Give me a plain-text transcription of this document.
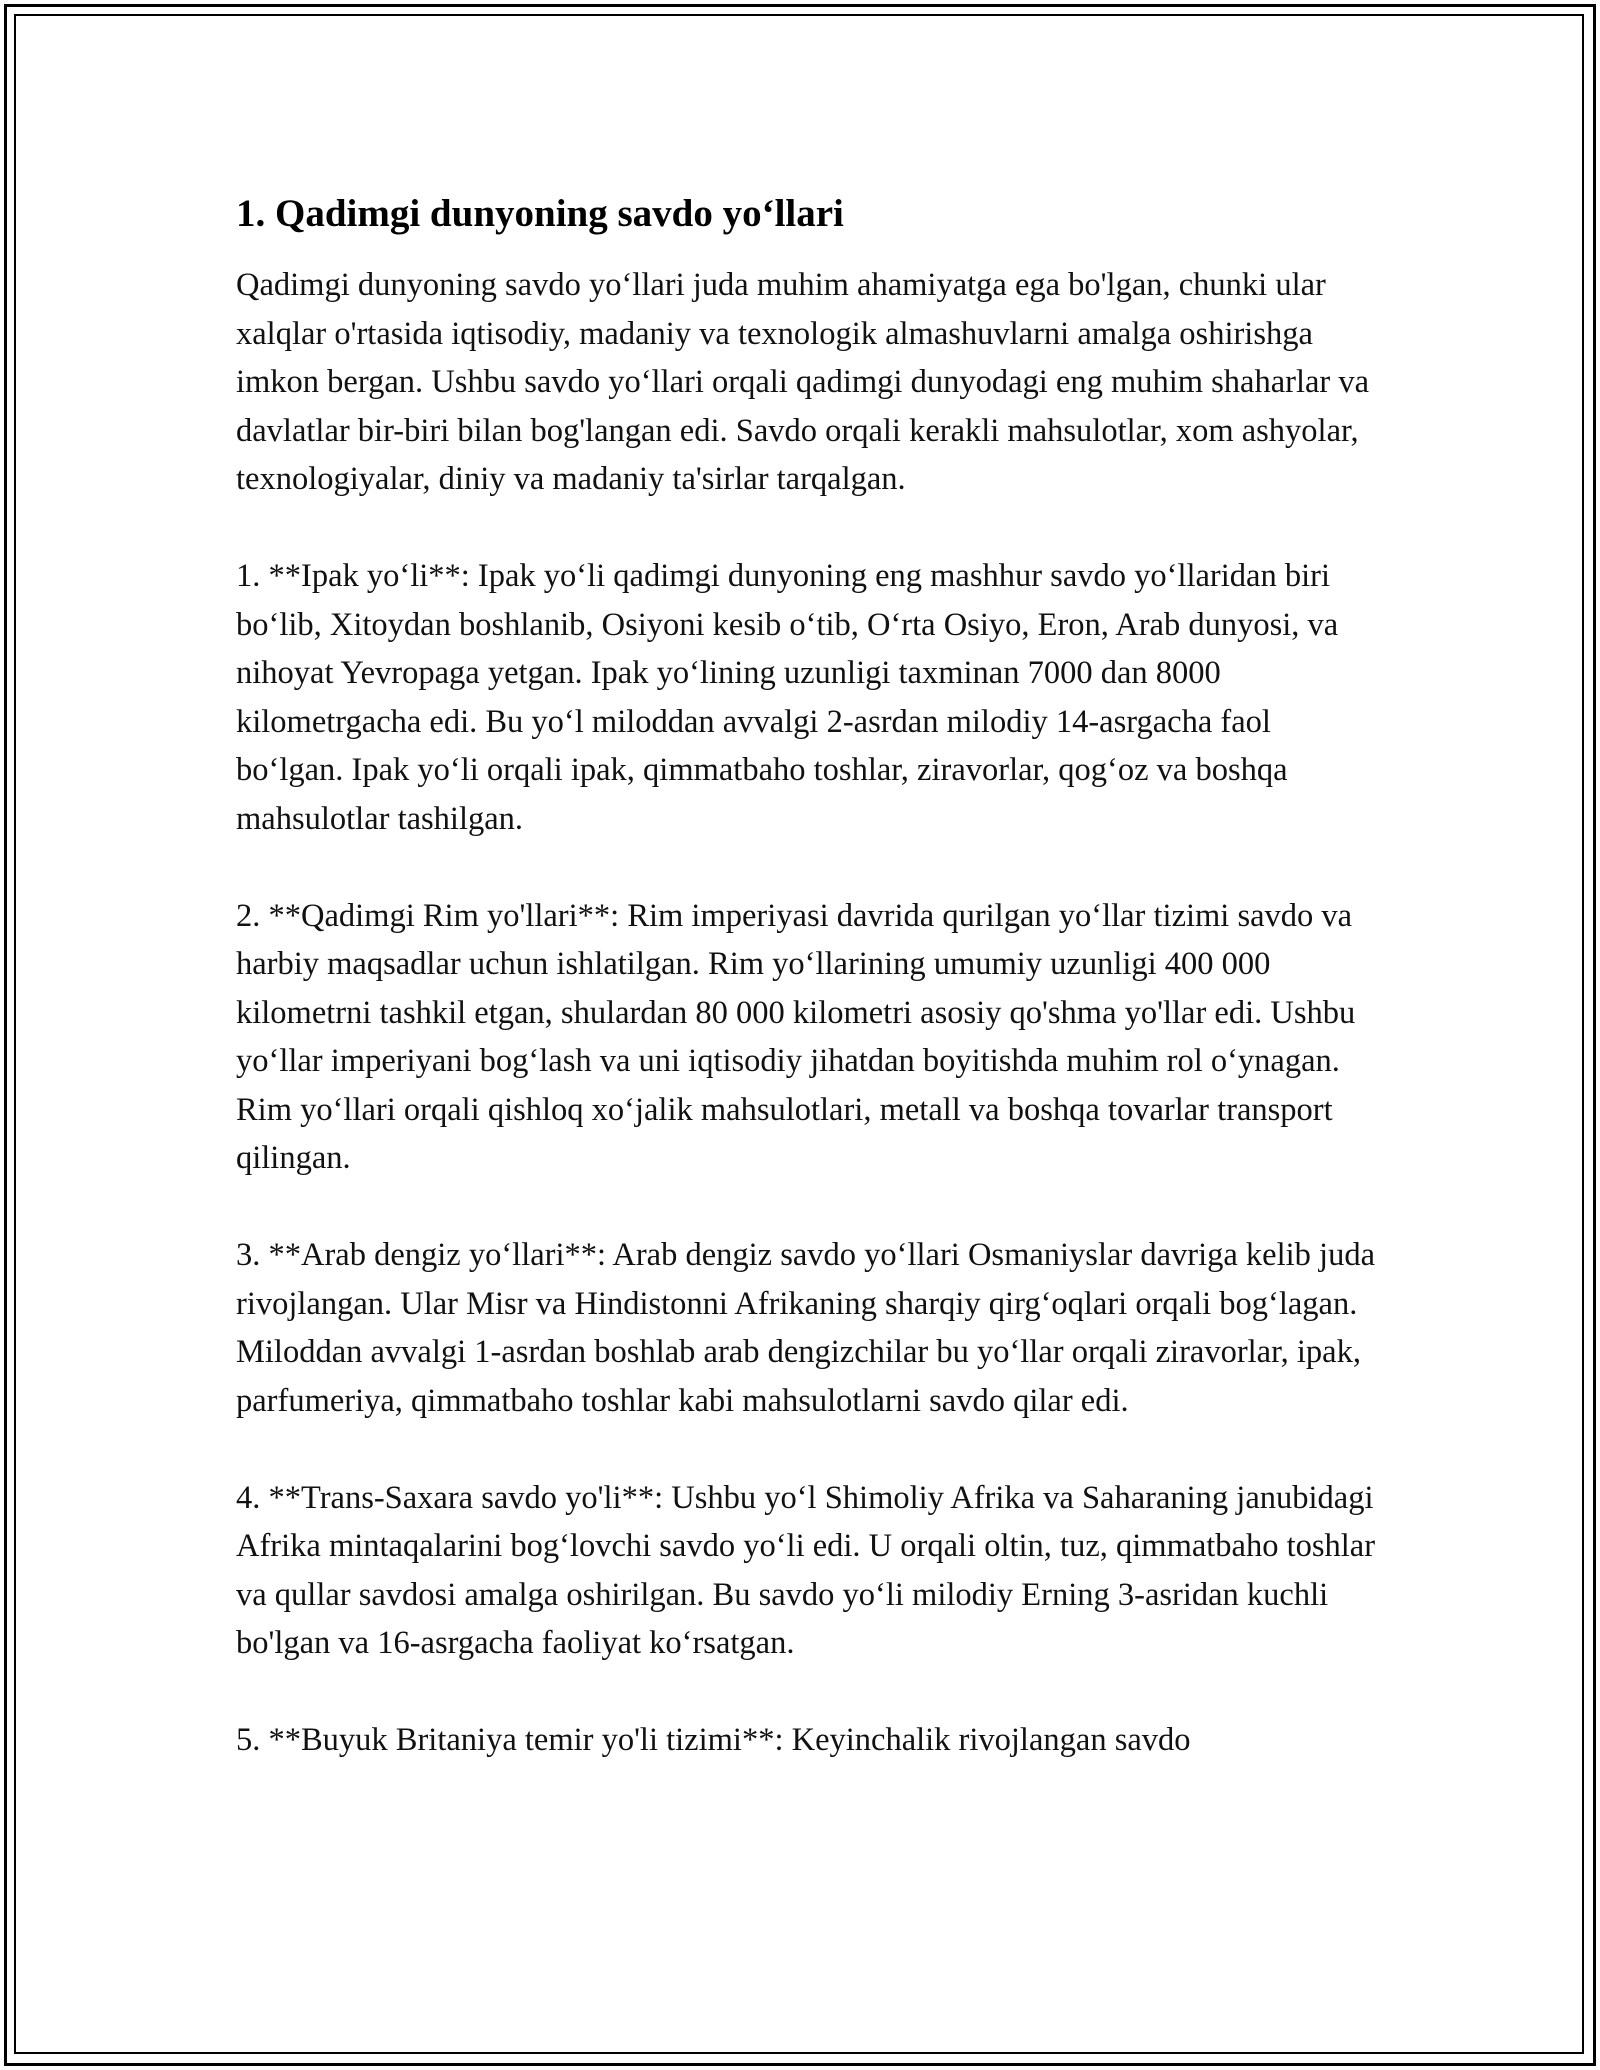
1. Qadimgi dunyoning savdo yo‘llari

Qadimgi dunyoning savdo yo‘llari juda muhim ahamiyatga ega bo'lgan, chunki ular xalqlar o'rtasida iqtisodiy, madaniy va texnologik almashuvlarni amalga oshirishga imkon bergan. Ushbu savdo yo‘llari orqali qadimgi dunyodagi eng muhim shaharlar va davlatlar bir-biri bilan bog'langan edi. Savdo orqali kerakli mahsulotlar, xom ashyolar, texnologiyalar, diniy va madaniy ta'sirlar tarqalgan.

1. **Ipak yo‘li**: Ipak yo‘li qadimgi dunyoning eng mashhur savdo yo‘llaridan biri bo‘lib, Xitoydan boshlanib, Osiyoni kesib o‘tib, O‘rta Osiyo, Eron, Arab dunyosi, va nihoyat Yevropaga yetgan. Ipak yo‘lining uzunligi taxminan 7000 dan 8000 kilometrgacha edi. Bu yo‘l miloddan avvalgi 2-asrdan milodiy 14-asrgacha faol bo‘lgan. Ipak yo‘li orqali ipak, qimmatbaho toshlar, ziravorlar, qog‘oz va boshqa mahsulotlar tashilgan.

2. **Qadimgi Rim yo'llari**: Rim imperiyasi davrida qurilgan yo‘llar tizimi savdo va harbiy maqsadlar uchun ishlatilgan. Rim yo‘llarining umumiy uzunligi 400 000 kilometrni tashkil etgan, shulardan 80 000 kilometri asosiy qo'shma yo'llar edi. Ushbu yo‘llar imperiyani bog‘lash va uni iqtisodiy jihatdan boyitishda muhim rol o‘ynagan. Rim yo‘llari orqali qishloq xo‘jalik mahsulotlari, metall va boshqa tovarlar transport qilingan.

3. **Arab dengiz yo‘llari**: Arab dengiz savdo yo‘llari Osmaniyslar davriga kelib juda rivojlangan. Ular Misr va Hindistonni Afrikaning sharqiy qirg‘oqlari orqali bog‘lagan. Miloddan avvalgi 1-asrdan boshlab arab dengizchilar bu yo‘llar orqali ziravorlar, ipak, parfumeriya, qimmatbaho toshlar kabi mahsulotlarni savdo qilar edi.

4. **Trans-Saxara savdo yo'li**: Ushbu yo‘l Shimoliy Afrika va Saharaning janubidagi Afrika mintaqalarini bog‘lovchi savdo yo‘li edi. U orqali oltin, tuz, qimmatbaho toshlar va qullar savdosi amalga oshirilgan. Bu savdo yo‘li milodiy Erning 3-asridan kuchli bo'lgan va 16-asrgacha faoliyat ko‘rsatgan.

5. **Buyuk Britaniya temir yo'li tizimi**: Keyinchalik rivojlangan savdo
